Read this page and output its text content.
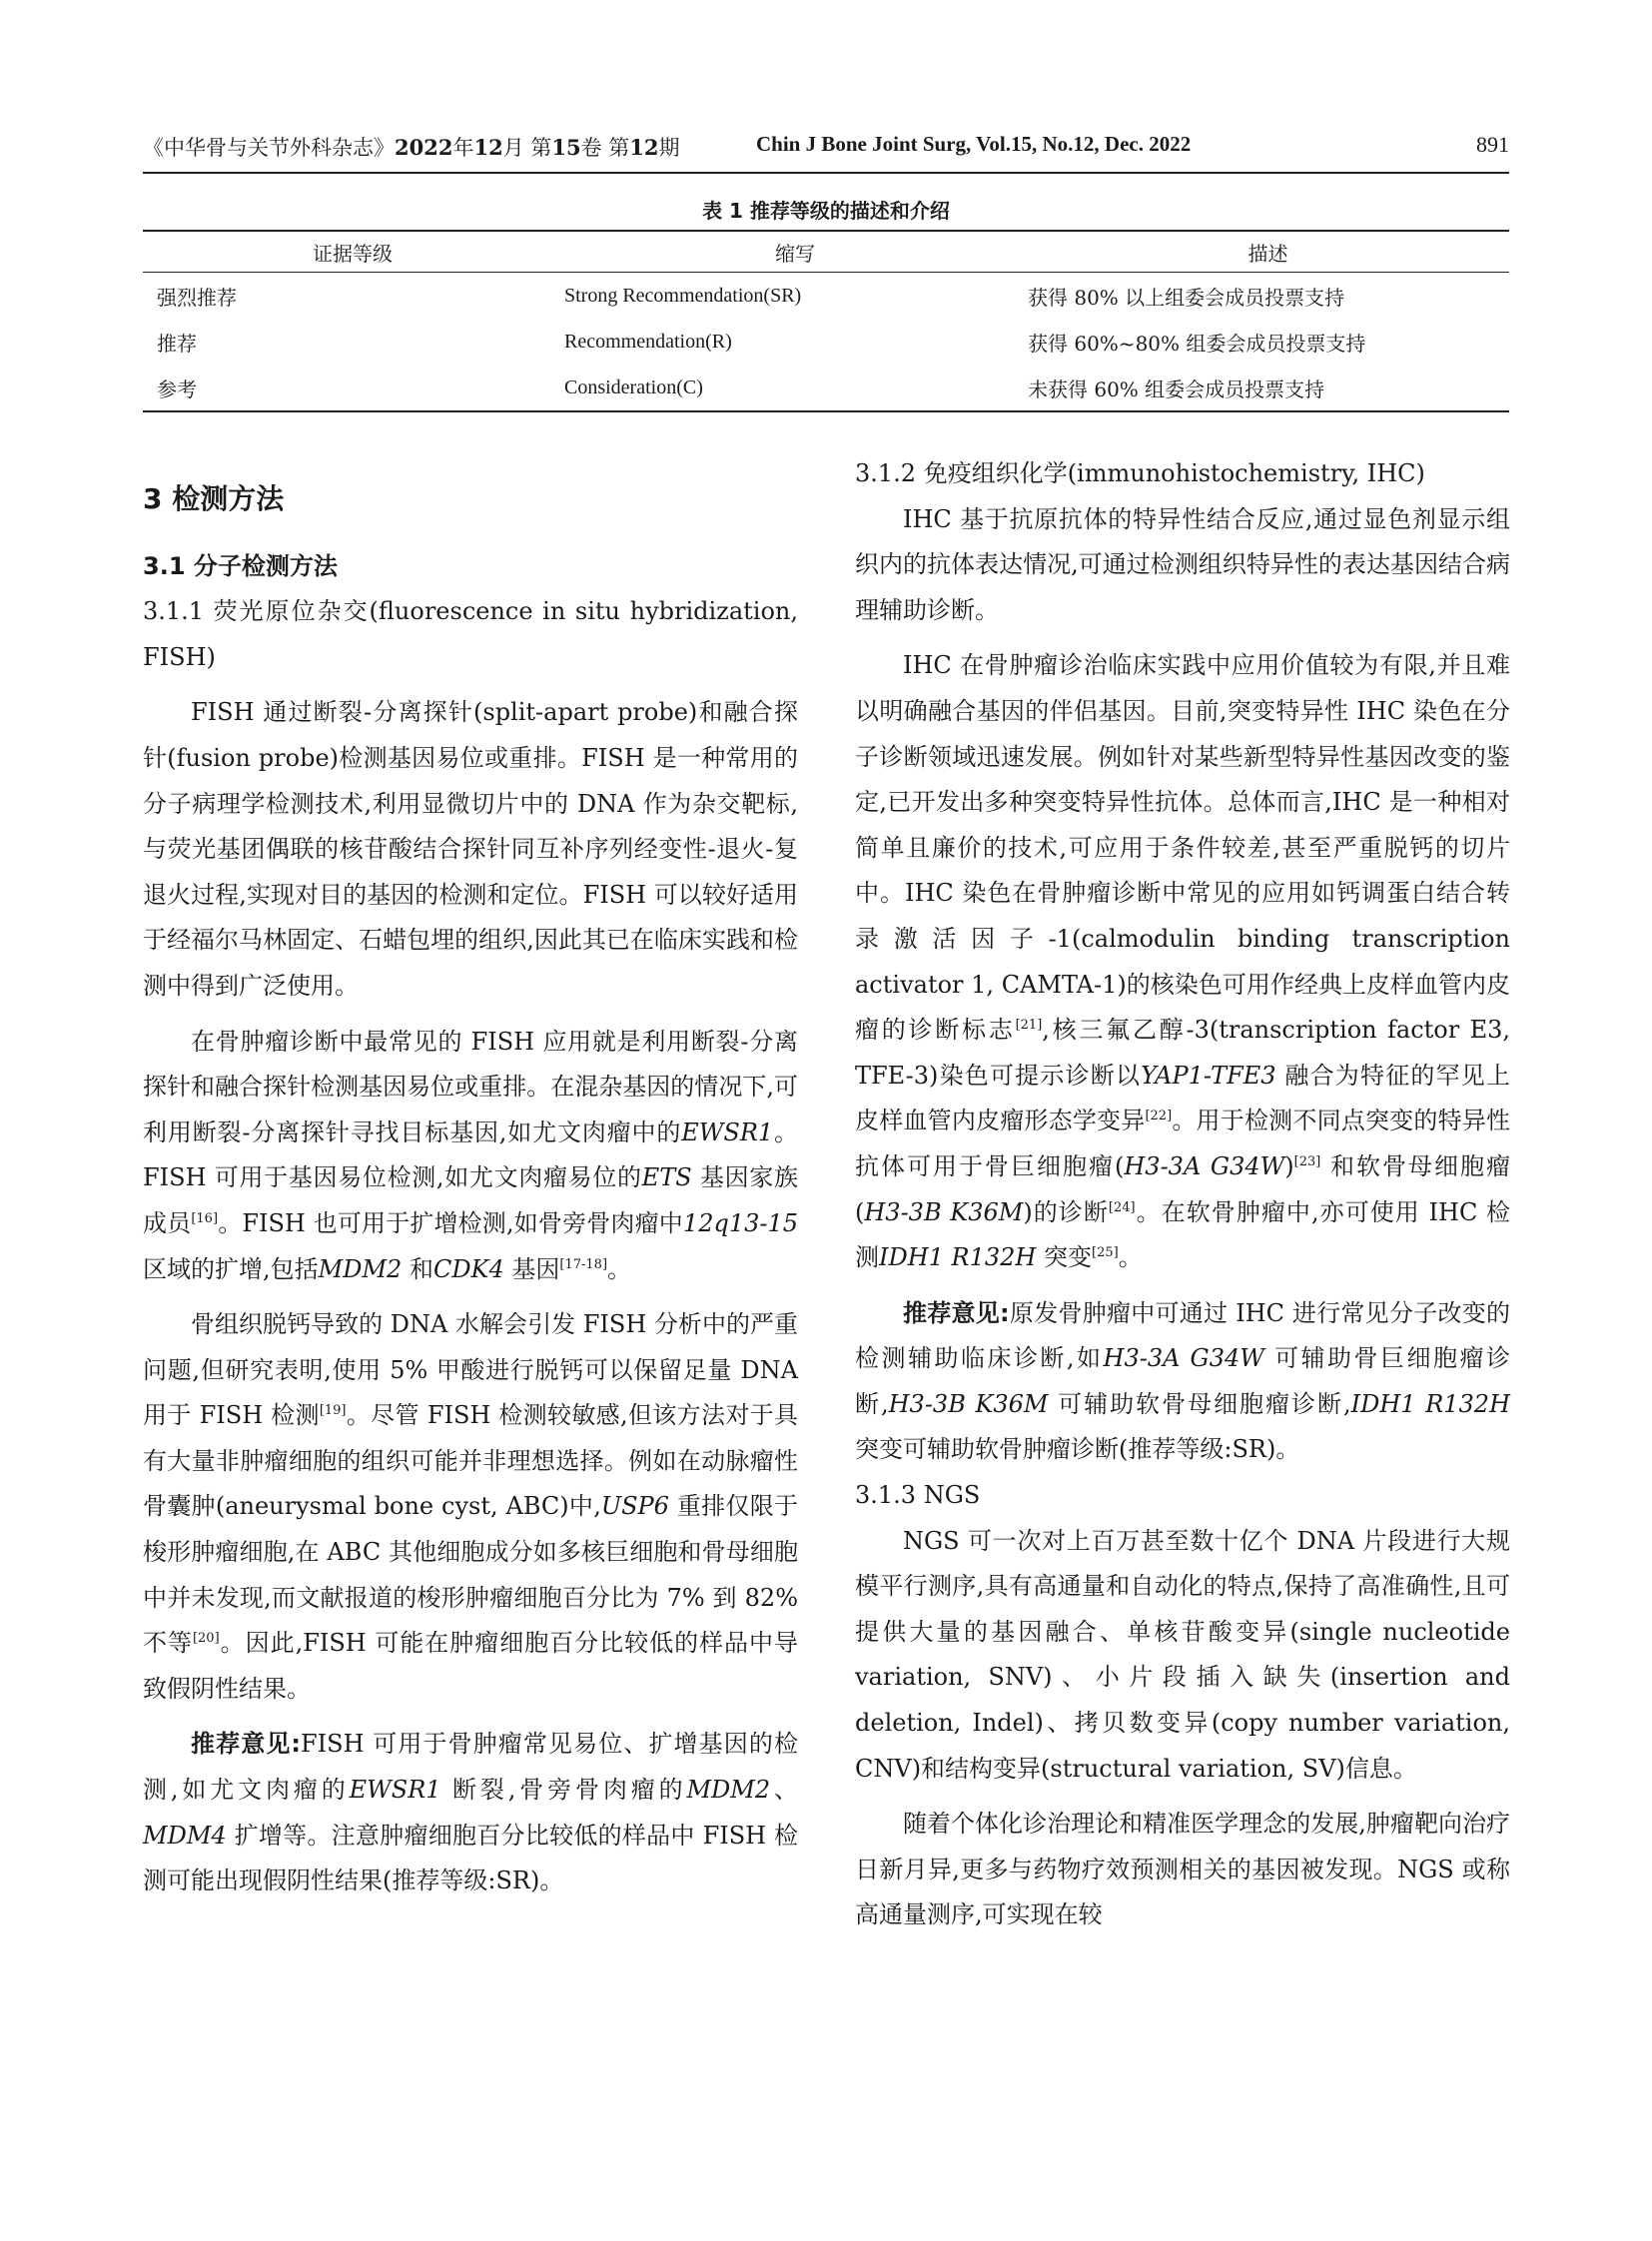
《中华骨与关节外科杂志》2022年12月 第15卷 第12期	Chin J Bone Joint Surg, Vol.15, No.12, Dec. 2022	891
表 1 推荐等级的描述和介绍
证据等级	缩写	描述
强烈推荐	Strong Recommendation(SR)	获得 80% 以上组委会成员投票支持
推荐	Recommendation(R)	获得 60%~80% 组委会成员投票支持
参考	Consideration(C)	未获得 60% 组委会成员投票支持

3 检测方法

3.1 分子检测方法

3.1.1 荧光原位杂交(fluorescence in situ hybridization, FISH)

FISH 通过断裂-分离探针(split-apart probe)和融合探针(fusion probe)检测基因易位或重排。FISH 是一种常用的分子病理学检测技术,利用显微切片中的 DNA 作为杂交靶标,与荧光基团偶联的核苷酸结合探针同互补序列经变性-退火-复退火过程,实现对目的基因的检测和定位。FISH 可以较好适用于经福尔马林固定、石蜡包埋的组织,因此其已在临床实践和检测中得到广泛使用。

在骨肿瘤诊断中最常见的 FISH 应用就是利用断裂-分离探针和融合探针检测基因易位或重排。在混杂基因的情况下,可利用断裂-分离探针寻找目标基因,如尤文肉瘤中的EWSR1。FISH 可用于基因易位检测,如尤文肉瘤易位的ETS 基因家族成员[16]。FISH 也可用于扩增检测,如骨旁骨肉瘤中12q13-15 区域的扩增,包括MDM2 和CDK4 基因[17-18]。

骨组织脱钙导致的 DNA 水解会引发 FISH 分析中的严重问题,但研究表明,使用 5% 甲酸进行脱钙可以保留足量 DNA 用于 FISH 检测[19]。尽管 FISH 检测较敏感,但该方法对于具有大量非肿瘤细胞的组织可能并非理想选择。例如在动脉瘤性骨囊肿(aneurysmal bone cyst, ABC)中,USP6 重排仅限于梭形肿瘤细胞,在 ABC 其他细胞成分如多核巨细胞和骨母细胞中并未发现,而文献报道的梭形肿瘤细胞百分比为 7% 到 82% 不等[20]。因此,FISH 可能在肿瘤细胞百分比较低的样品中导致假阴性结果。

推荐意见:FISH 可用于骨肿瘤常见易位、扩增基因的检测,如尤文肉瘤的EWSR1 断裂,骨旁骨肉瘤的MDM2、MDM4 扩增等。注意肿瘤细胞百分比较低的样品中 FISH 检测可能出现假阴性结果(推荐等级:SR)。

3.1.2 免疫组织化学(immunohistochemistry, IHC)

IHC 基于抗原抗体的特异性结合反应,通过显色剂显示组织内的抗体表达情况,可通过检测组织特异性的表达基因结合病理辅助诊断。

IHC 在骨肿瘤诊治临床实践中应用价值较为有限,并且难以明确融合基因的伴侣基因。目前,突变特异性 IHC 染色在分子诊断领域迅速发展。例如针对某些新型特异性基因改变的鉴定,已开发出多种突变特异性抗体。总体而言,IHC 是一种相对简单且廉价的技术,可应用于条件较差,甚至严重脱钙的切片中。IHC 染色在骨肿瘤诊断中常见的应用如钙调蛋白结合转录激活因子-1(calmodulin binding transcription activator 1, CAMTA-1)的核染色可用作经典上皮样血管内皮瘤的诊断标志[21],核三氟乙醇-3(transcription factor E3, TFE-3)染色可提示诊断以YAP1-TFE3 融合为特征的罕见上皮样血管内皮瘤形态学变异[22]。用于检测不同点突变的特异性抗体可用于骨巨细胞瘤(H3-3A G34W)[23] 和软骨母细胞瘤(H3-3B K36M)的诊断[24]。在软骨肿瘤中,亦可使用 IHC 检测IDH1 R132H 突变[25]。

推荐意见:原发骨肿瘤中可通过 IHC 进行常见分子改变的检测辅助临床诊断,如H3-3A G34W 可辅助骨巨细胞瘤诊断,H3-3B K36M 可辅助软骨母细胞瘤诊断,IDH1 R132H 突变可辅助软骨肿瘤诊断(推荐等级:SR)。

3.1.3 NGS

NGS 可一次对上百万甚至数十亿个 DNA 片段进行大规模平行测序,具有高通量和自动化的特点,保持了高准确性,且可提供大量的基因融合、单核苷酸变异(single nucleotide variation, SNV)、小片段插入缺失(insertion and deletion, Indel)、拷贝数变异(copy number variation, CNV)和结构变异(structural variation, SV)信息。

随着个体化诊治理论和精准医学理念的发展,肿瘤靶向治疗日新月异,更多与药物疗效预测相关的基因被发现。NGS 或称高通量测序,可实现在较
